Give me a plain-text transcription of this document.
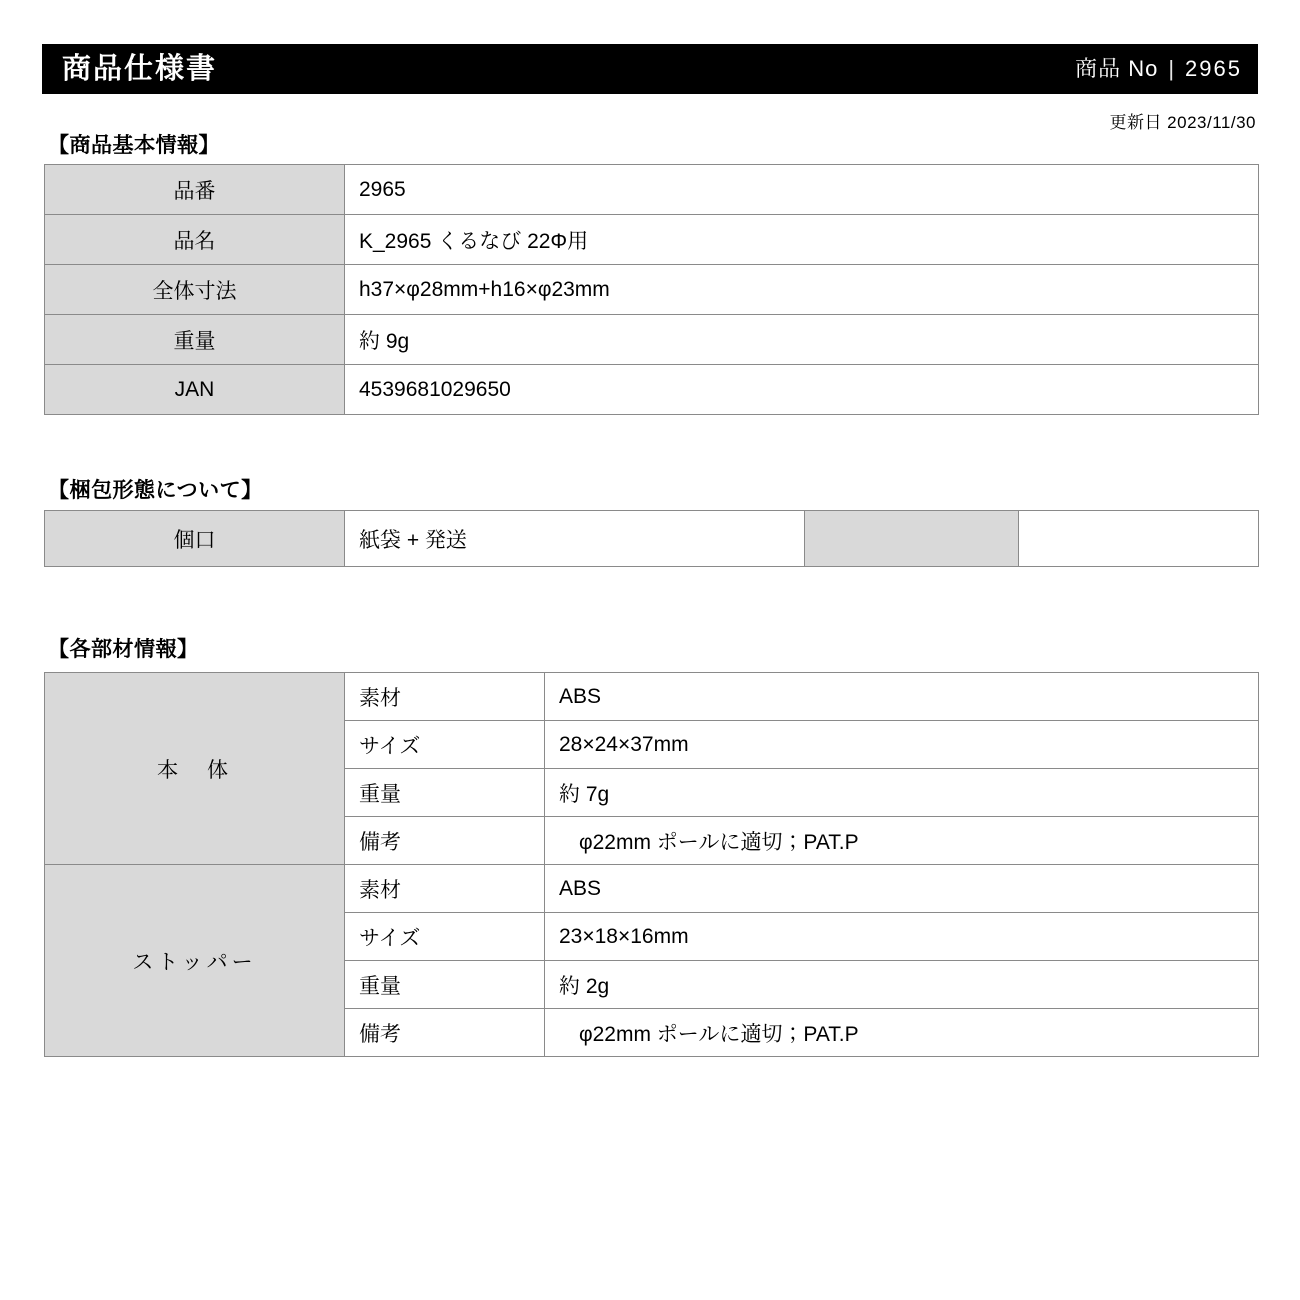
商品仕様書	商品 No | 2965
更新日 2023/11/30
【商品基本情報】
品番	2965
品名	K_2965 くるなび 22Φ用
全体寸法	h37×φ28mm+h16×φ23mm
重量	約 9g
JAN	4539681029650
【梱包形態について】
個口	紙袋 + 発送		
【各部材情報】
本　体	素材	ABS
	サイズ	28×24×37mm
	重量	約 7g
	備考	φ22mm ポールに適切；PAT.P
ストッパー	素材	ABS
	サイズ	23×18×16mm
	重量	約 2g
	備考	φ22mm ポールに適切；PAT.P
